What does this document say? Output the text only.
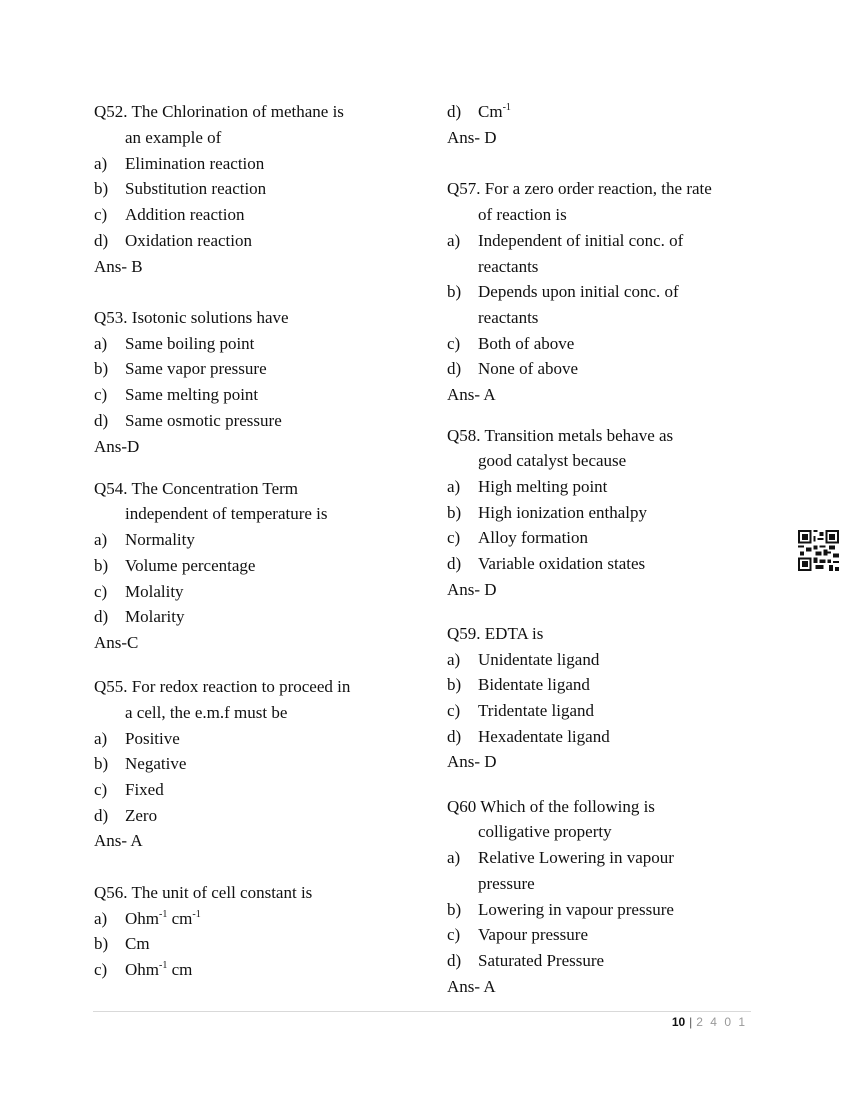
Q52. The Chlorination of methane is
an example of
a) Elimination reaction
b) Substitution reaction
c) Addition reaction
d) Oxidation reaction
Ans- B
Q53. Isotonic solutions have
a) Same boiling point
b) Same vapor pressure
c) Same melting point
d) Same osmotic pressure
Ans-D
Q54. The Concentration Term
independent of temperature is
a) Normality
b) Volume percentage
c) Molality
d) Molarity
Ans-C
Q55. For redox reaction to proceed in
a cell, the e.m.f must be
a) Positive
b) Negative
c) Fixed
d) Zero
Ans- A
Q56. The unit of cell constant is
a) Ohm$^{-1}$ $cm^{-1}$
b) Cm
c) Ohm$^{-1}$ cm
d) $Cm^{-1}$
Ans- D
Q57. For a zero order reaction, the rate
of reaction is
a) Independent of initial conc. of
reactants
b) Depends upon initial conc. of
reactants
c) Both of above
d) None of above
Ans- A
Q58. Transition metals behave as
good catalyst because
a) High melting point
b) High ionization enthalpy
c) Alloy formation
d) Variable oxidation states
Ans- D
Q59. EDTA is
a) Unidentate ligand
b) Bidentate ligand
c) Tridentate ligand
d) Hexadentate ligand
Ans- D
Q60 Which of the following is
colligative property
a) Relative Lowering in vapour
pressure
b) Lowering in vapour pressure
c) Vapour pressure
d) Saturated Pressure
Ans- A
10 | 2 4 0 1
